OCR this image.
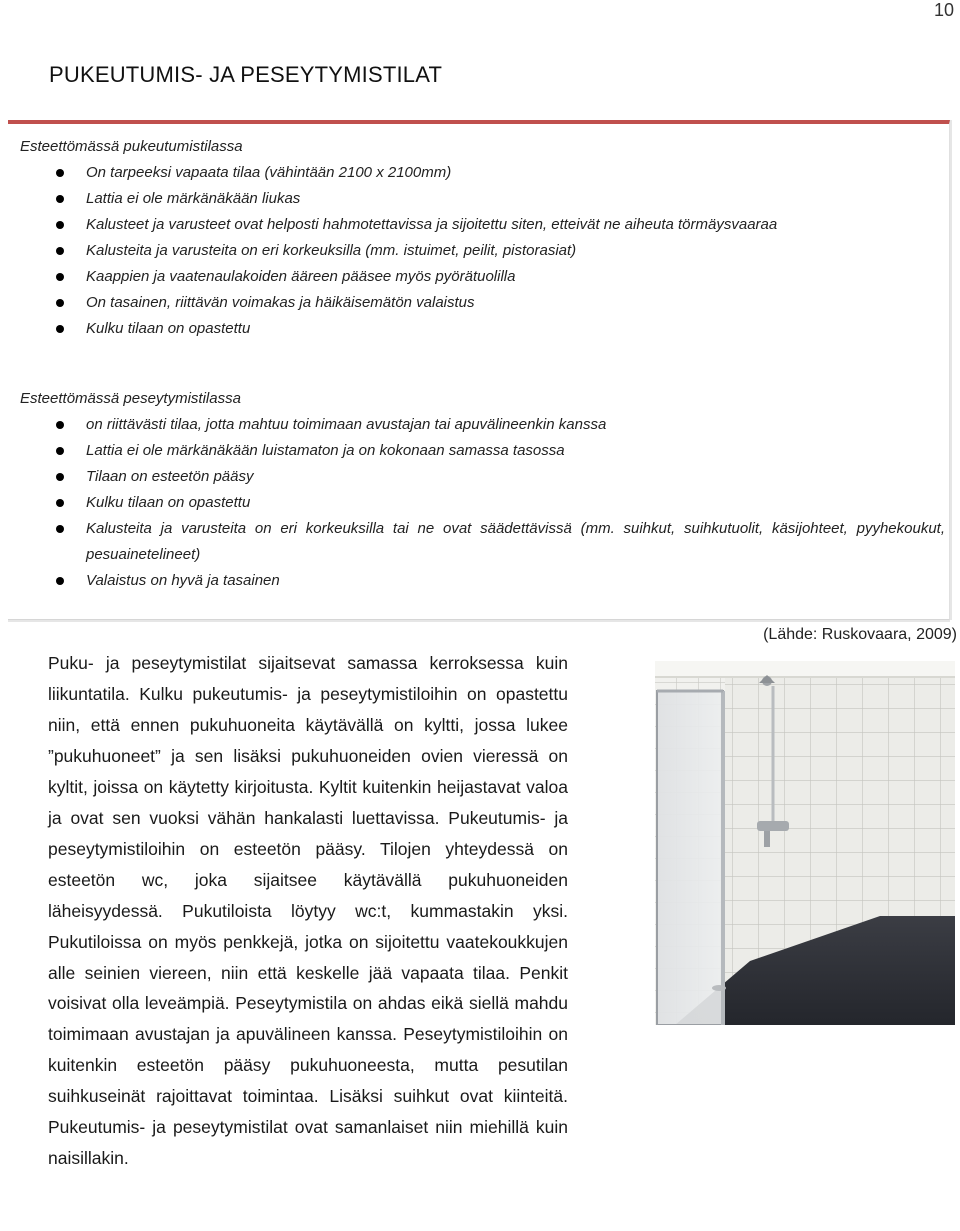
10
PUKEUTUMIS- JA PESEYTYMISTILAT

Esteettömässä pukeutumistilassa

On tarpeeksi vapaata tilaa (vähintään 2100 x 2100mm)
Lattia ei ole märkänäkään liukas
Kalusteet ja varusteet ovat helposti hahmotettavissa ja sijoitettu siten, etteivät ne aiheuta törmäysvaaraa
Kalusteita ja varusteita on eri korkeuksilla (mm. istuimet, peilit, pistorasiat)
Kaappien ja vaatenaulakoiden ääreen pääsee myös pyörätuolilla
On tasainen, riittävän voimakas ja häikäisemätön valaistus
Kulku tilaan on opastettu

Esteettömässä peseytymistilassa

on riittävästi tilaa, jotta mahtuu toimimaan avustajan tai apuvälineenkin kanssa
Lattia ei ole märkänäkään luistamaton ja on kokonaan samassa tasossa
Tilaan on esteetön pääsy
Kulku tilaan on opastettu
Kalusteita ja varusteita on eri korkeuksilla tai ne ovat säädettävissä (mm. suihkut, suihkutuolit, käsijohteet, pyyhekoukut, pesuainetelineet)
Valaistus on hyvä ja tasainen
(Lähde: Ruskovaara, 2009)

Puku- ja peseytymistilat sijaitsevat samassa kerroksessa kuin liikuntatila. Kulku pukeutumis- ja peseytymistiloihin on opastettu niin, että ennen pukuhuoneita käytävällä on kyltti, jossa lukee ”pukuhuoneet” ja sen lisäksi pukuhuoneiden ovien vieressä on kyltit, joissa on käytetty kirjoitusta. Kyltit kuitenkin heijastavat valoa ja ovat sen vuoksi vähän hankalasti luettavissa. Pukeutumis- ja peseytymistiloihin on esteetön pääsy. Tilojen yhteydessä on esteetön wc, joka sijaitsee käytävällä pukuhuoneiden läheisyydessä. Pukutiloista löytyy wc:t, kummastakin yksi. Pukutiloissa on myös penkkejä, jotka on sijoitettu vaatekoukkujen alle seinien viereen, niin että keskelle jää vapaata tilaa. Penkit voisivat olla leveämpiä. Peseytymistila on ahdas eikä siellä mahdu toimimaan avustajan ja apuvälineen kanssa. Peseytymistiloihin on kuitenkin esteetön pääsy pukuhuoneesta, mutta pesutilan suihkuseinät rajoittavat toimintaa. Lisäksi suihkut ovat kiinteitä. Pukeutumis- ja peseytymistilat ovat samanlaiset niin miehillä kuin naisillakin.
